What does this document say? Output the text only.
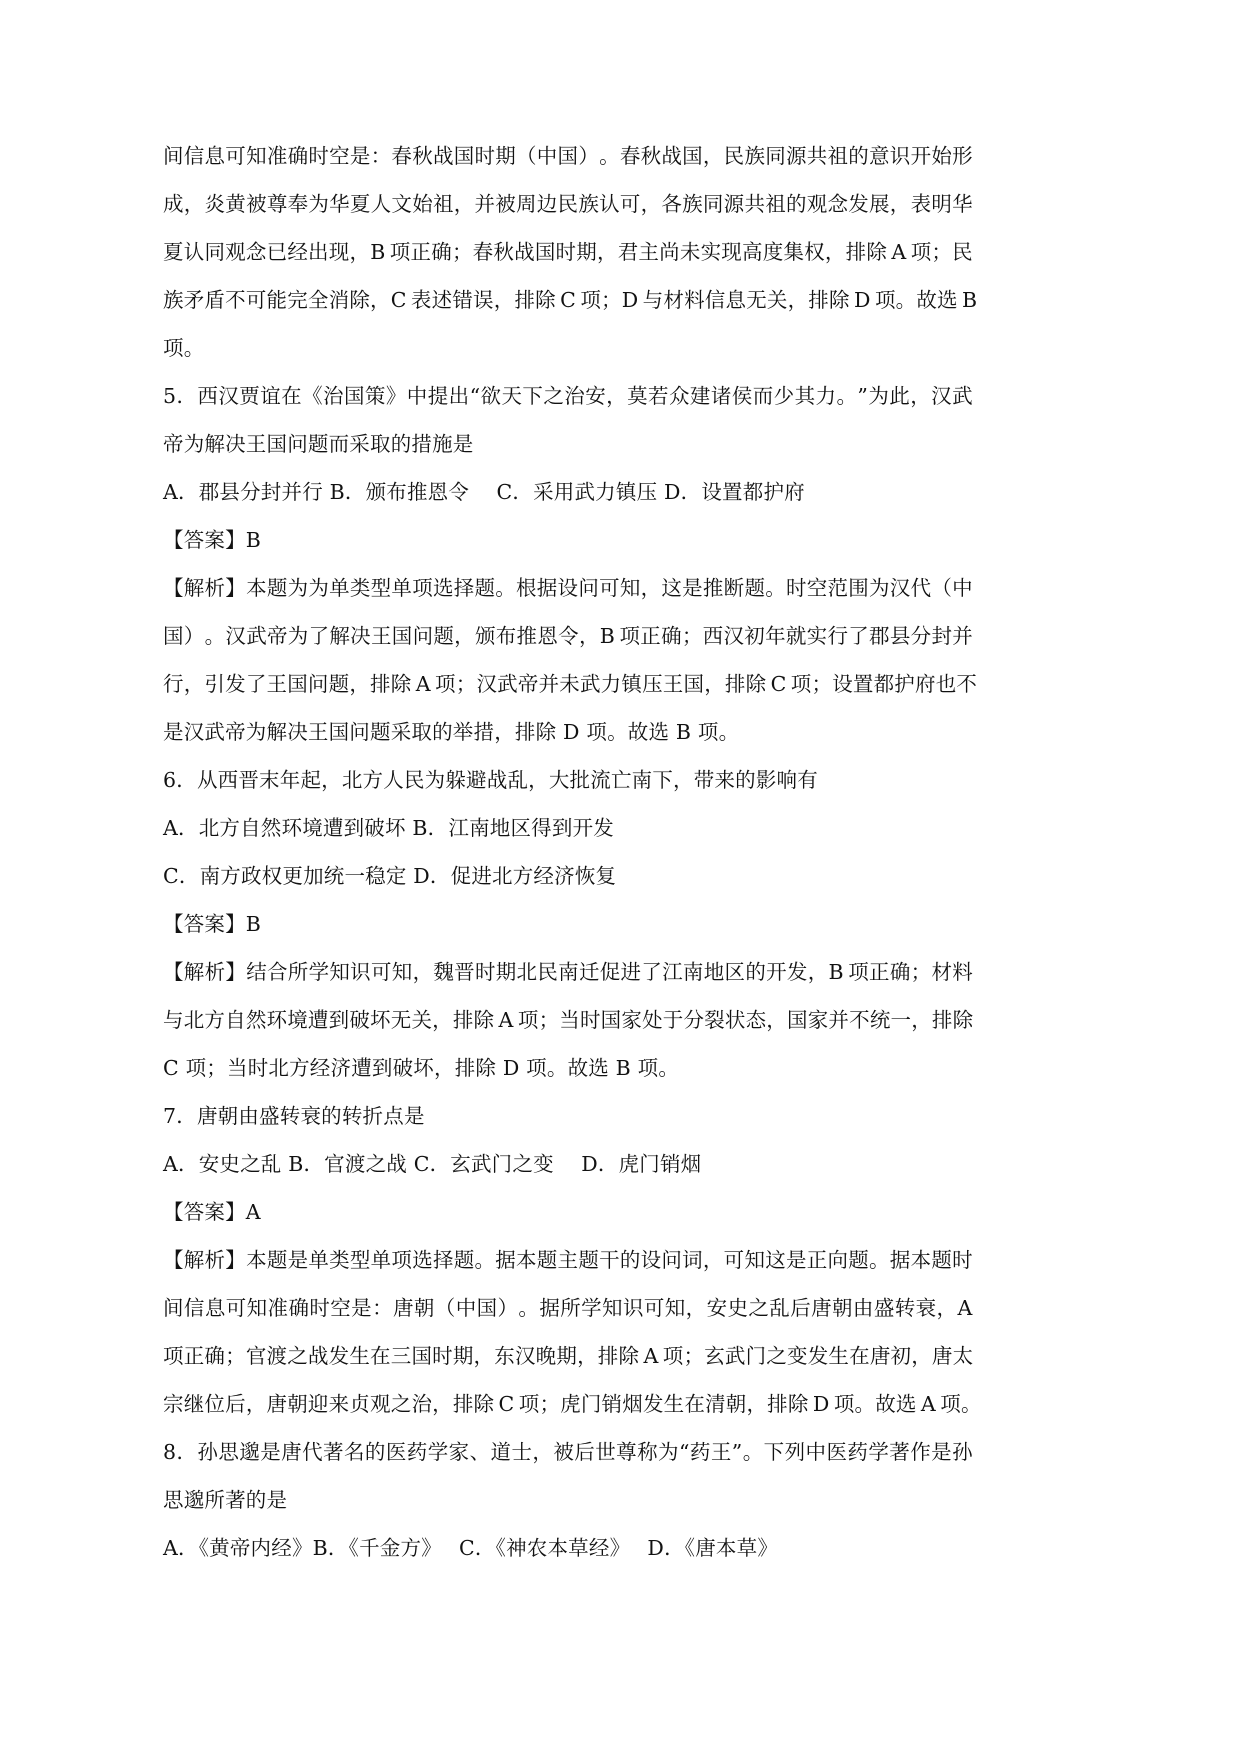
间 信 息 可 知 准 确 时 空 是 ： 春 秋 战 国 时 期 （ 中 国 ） 。 春 秋 战 国 ， 民 族 同 源 共 祖 的 意 识 开 始 形
成 ， 炎 黄 被 尊 奉 为 华 夏 人 文 始 祖 ， 并 被 周 边 民 族 认 可 ， 各 族 同 源 共 祖 的 观 念 发 展 ， 表 明 华
夏 认 同 观 念 已 经 出 现 ， B
  项 正 确 ； 春 秋 战 国 时 期 ， 君 主 尚 未 实 现 高 度 集 权 ， 排 除
  A
  项 ； 民
族 矛 盾 不 可 能 完 全 消 除 ， C
  表 述 错 误 ， 排 除
  C
  项 ； D
  与 材 料 信 息 无 关 ， 排 除
  D
  项 。 故 选
  B
项。
5 ． 西 汉 贾 谊 在 《 治 国 策 》 中 提 出 “ 欲 天 下 之 治 安 ， 莫 若 众 建 诸 侯 而 少 其 力 。 ” 为 此 ， 汉 武
帝为解决王国问题而采取的措施是
A．郡县分封并行 B．颁布推恩令　 C．采用武力镇压 D．设置都护府
【答案】B
【 解 析 】 本 题 为 为 单 类 型 单 项 选 择 题 。 根 据 设 问 可 知 ， 这 是 推 断 题 。 时 空 范 围 为 汉 代 （ 中
国 ） 。 汉 武 帝 为 了 解 决 王 国 问 题 ， 颁 布 推 恩 令 ， B
  项 正 确 ； 西 汉 初 年 就 实 行 了 郡 县 分 封 并
行 ， 引 发 了 王 国 问 题 ， 排 除
  A
  项 ； 汉 武 帝 并 未 武 力 镇 压 王 国 ， 排 除
  C
  项 ； 设 置 都 护 府 也 不
是汉武帝为解决王国问题采取的举措，排除 D 项。故选 B 项。
6．从西晋末年起，北方人民为躲避战乱，大批流亡南下，带来的影响有
A．北方自然环境遭到破坏 B．江南地区得到开发
C．南方政权更加统一稳定 D．促进北方经济恢复
【答案】B
【 解 析 】 结 合 所 学 知 识 可 知 ， 魏 晋 时 期 北 民 南 迁 促 进 了 江 南 地 区 的 开 发 ， B
  项 正 确 ； 材 料
与 北 方 自 然 环 境 遭 到 破 坏 无 关 ， 排 除
  A
  项 ； 当 时 国 家 处 于 分 裂 状 态 ， 国 家 并 不 统 一 ， 排 除
C 项；当时北方经济遭到破坏，排除 D 项。故选 B 项。
7．唐朝由盛转衰的转折点是
A．安史之乱 B．官渡之战 C．玄武门之变　 D．虎门销烟
【答案】A
【 解 析 】 本 题 是 单 类 型 单 项 选 择 题 。 据 本 题 主 题 干 的 设 问 词 ， 可 知 这 是 正 向 题 。 据 本 题 时
间 信 息 可 知 准 确 时 空 是 ： 唐 朝 （ 中 国 ） 。 据 所 学 知 识 可 知 ， 安 史 之 乱 后 唐 朝 由 盛 转 衰 ， A
项 正 确 ； 官 渡 之 战 发 生 在 三 国 时 期 ， 东 汉 晚 期 ， 排 除
  A
  项 ； 玄 武 门 之 变 发 生 在 唐 初 ， 唐 太
宗 继 位 后 ， 唐 朝 迎 来 贞 观 之 治 ， 排 除
  C
  项 ； 虎 门 销 烟 发 生 在 清 朝 ， 排 除
  D
  项 。 故 选
  A
  项 。
8 ． 孙 思 邈 是 唐 代 著 名 的 医 药 学 家 、 道 士 ， 被 后 世 尊 称 为 “ 药 王 ” 。 下 列 中 医 药 学 著 作 是 孙
思邈所著的是
A．《黄帝内经》B．《千金方》　 C．《神农本草经》　 D．《唐本草》
